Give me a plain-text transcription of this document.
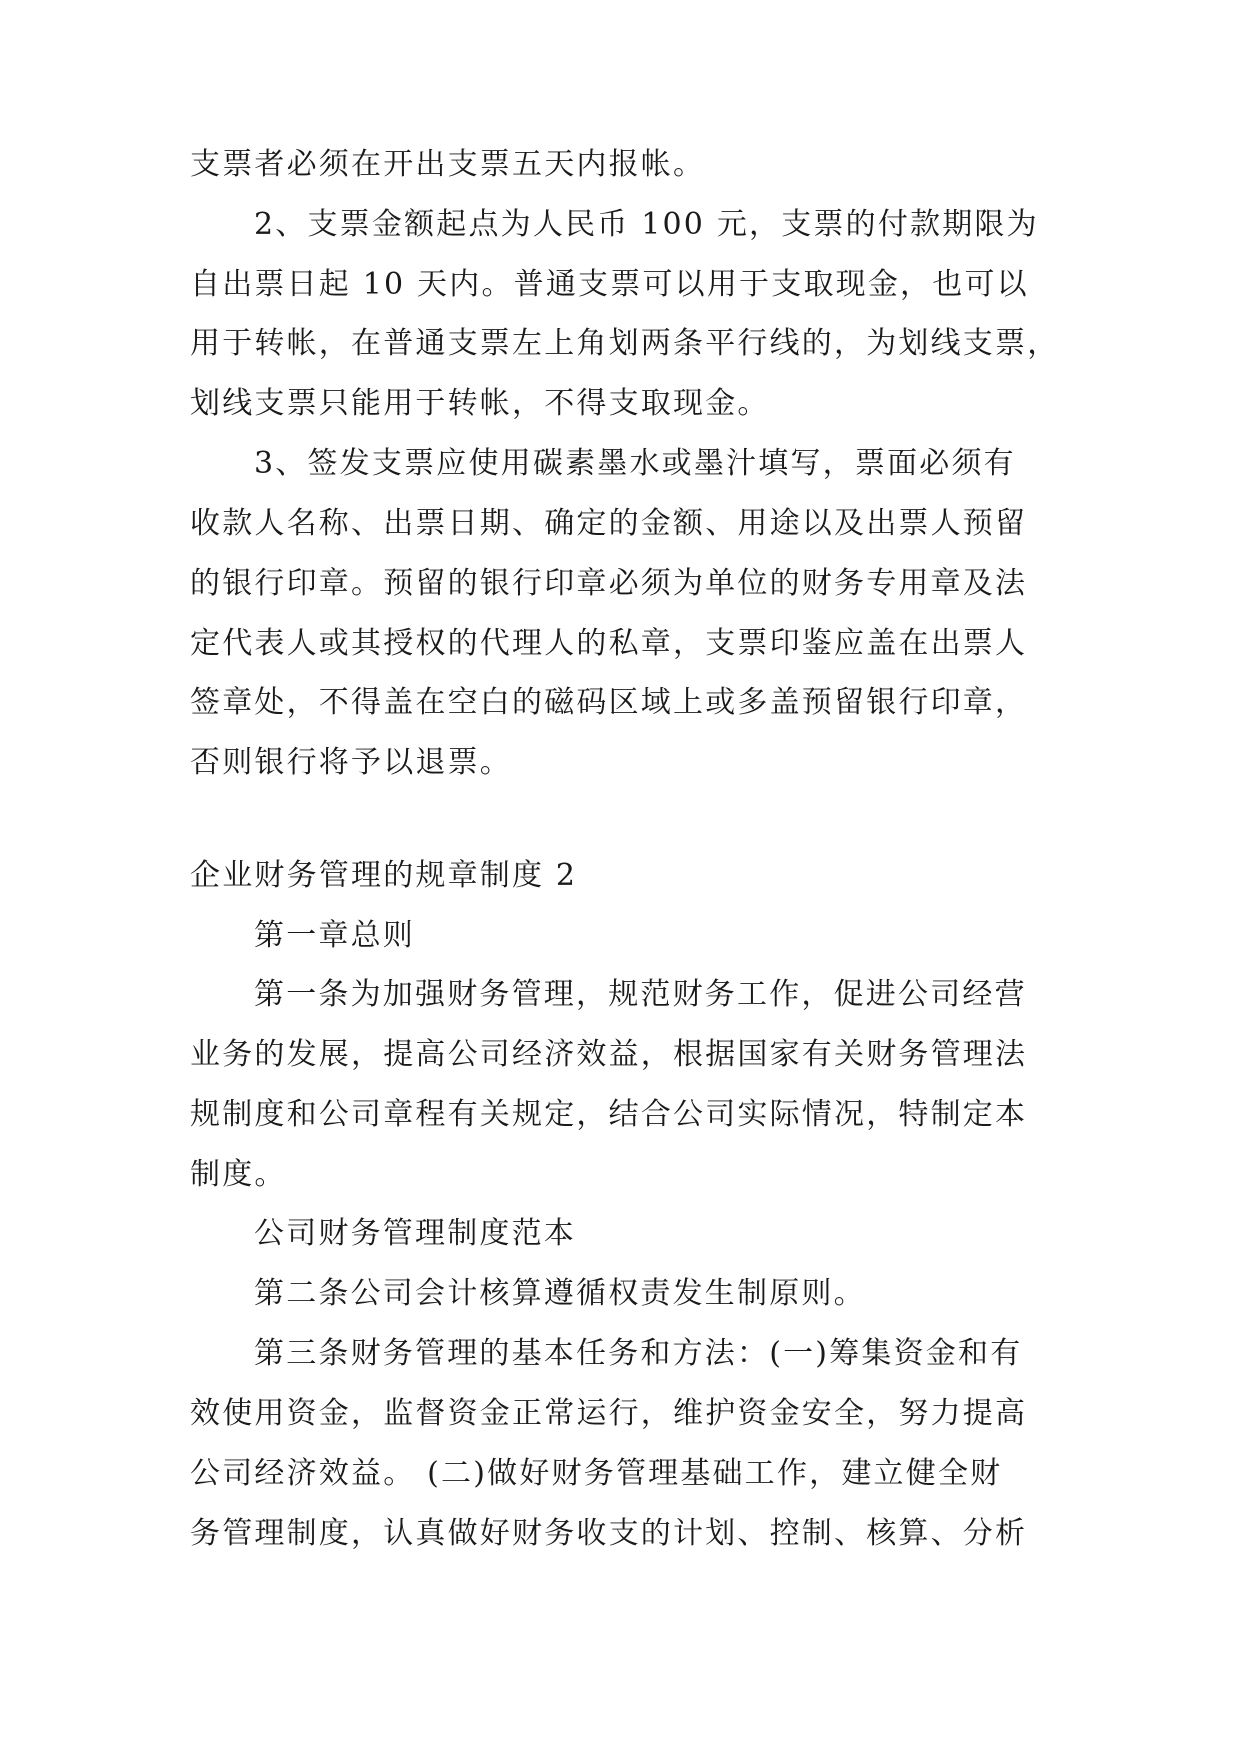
支票者必须在开出支票五天内报帐。
2、支票金额起点为人民币 100 元，支票的付款期限为
自出票日起 10 天内。普通支票可以用于支取现金，也可以
用于转帐，在普通支票左上角划两条平行线的，为划线支票，
划线支票只能用于转帐，不得支取现金。
3、签发支票应使用碳素墨水或墨汁填写，票面必须有
收款人名称、出票日期、确定的金额、用途以及出票人预留
的银行印章。预留的银行印章必须为单位的财务专用章及法
定代表人或其授权的代理人的私章，支票印鉴应盖在出票人
签章处，不得盖在空白的磁码区域上或多盖预留银行印章，
否则银行将予以退票。
企业财务管理的规章制度 2
第一章总则
第一条为加强财务管理，规范财务工作，促进公司经营
业务的发展，提高公司经济效益，根据国家有关财务管理法
规制度和公司章程有关规定，结合公司实际情况，特制定本
制度。
公司财务管理制度范本
第二条公司会计核算遵循权责发生制原则。
第三条财务管理的基本任务和方法：(一)筹集资金和有
效使用资金，监督资金正常运行，维护资金安全，努力提高
公司经济效益。 (二)做好财务管理基础工作，建立健全财
务管理制度，认真做好财务收支的计划、控制、核算、分析
